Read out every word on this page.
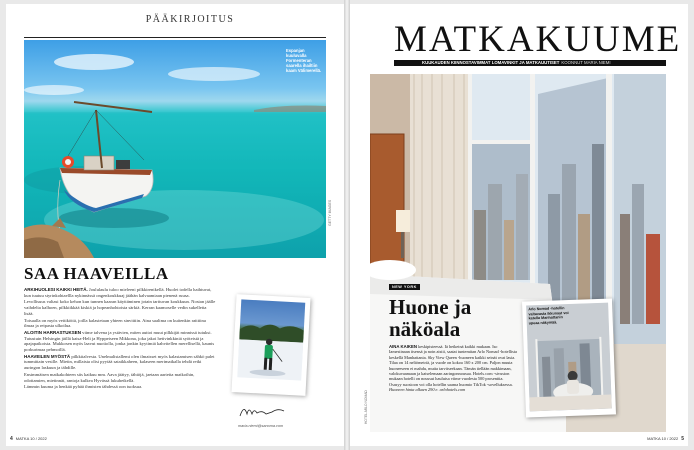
PÄÄKIRJOITUS
Espanjan kuuluvalla Formenteran saarella ihailtiin kaam Välimerellä.
GETTY IMAGES
SAA HAAVEILLA

ARKIHUOLESI KAIKKI HEITÄ. Joululaulu tuloo mieleeni pilkkirentkellä. Huolet todella haihtuvat, kun tuutuu styrinkohtaellla nykinnässä ongenkoukkuaj jäähän kalvaamiaan pienenä ruusa.

Levollisuus valtasi koko kehon kun tunnen kaaran käyttäminen jotain tarttuvan koukkuun. Nostan jäälle vaihdelta kalhoen, pilkkiikkää kiskiä ja hopeanhohtoista särkiä. Kerran kaamoselle vedin sukelletta lisää.

Toisaalla on myös veitiköitä, joilla kalastetaan yhteen sinvittiin. Aina saalima on kuitenkin raittiina ilmaa ja reipasta ulkoilua.

ALOITIN HARRASTUKSEN viime talvena ja ystävien, miten auttoi muut pilkkijät minnissä tutuksi. Tutustuin Helsingin jäillä kaisa-Heli ja Hyppeiseen Mikkona, joka jakoi hetivinkkiniä syöteistä ja apajapaikoista. Mukkosen myös laavut nuotiolla, jonka jonkin kyytimiä kahvitellen merellisellä, kaunis porkurimaa pehmoillä.

HAAVEILEN MYÖSTÄ pilkkitalvesta. Unelmalistallemi olen ilmaisset myös kalastamisen sähkö palet tummittain vesille. Mietin, millaista olisi pyytää sataikkaheen, kalaseen merimatkalla tehdä retki auringon laskuun ja tähdille.

Ensimmäisen matkakohteen siis kaikuu mm. Aava jäätyy, tähtöjä, jaetaan aarteita matkoihin, odottamien, mietinnät, rantoja kulkea Hyvässä lukuhetkellä.

Lämmin kuuma ja henkää pyhää ihmisten tähdessä oon tuoksua.

maria.niemi@sanoma.com
4 MATKA 10 / 2022
MATKAKUUME
KUUKAUDEN KIINNOSTAVIMMAT LOMAVINKIT JA MATKAUUTISET KOONNUT MARIA NIEMI
NEW YORK
Huone ja
näköala

AINA KAIKEN keskipisteessä. Iä hetkeinä kaikki mukaan. Iso Iamestinaan itsensä ja noin aistii, saatat tuntemitan Arlo Nomad -hotellista keskellä Manhattania. Sky View Queen -huoneen kaikki seinät ovat lasia. Tilaa on 14 neliömetriä, ja vuode on kokoa 160 x 200 cm. Paljon muuta huoneeseen ei mahdu, mutta tarvitseekaan. Tämän tiellään makkimaan, valokuvaamaan ja katselemaan aaringonnousua. Hotels.com -sivuston mukaan hotelli on noussut hauluisa viime vuodesta 500 prosenttia. Osasyy suosioon voi olla hotellin saama huomio TikTok -sovelluksessa. Huoneen hinta alkaen 290 e. arlohotels.com

Arlo Nomad -hotellin valtavasta ikkunaat voi katella Manhattanin upeaa näkymää.
HOTEL ARLO NOMAD
MATKA 10 / 2022 5
